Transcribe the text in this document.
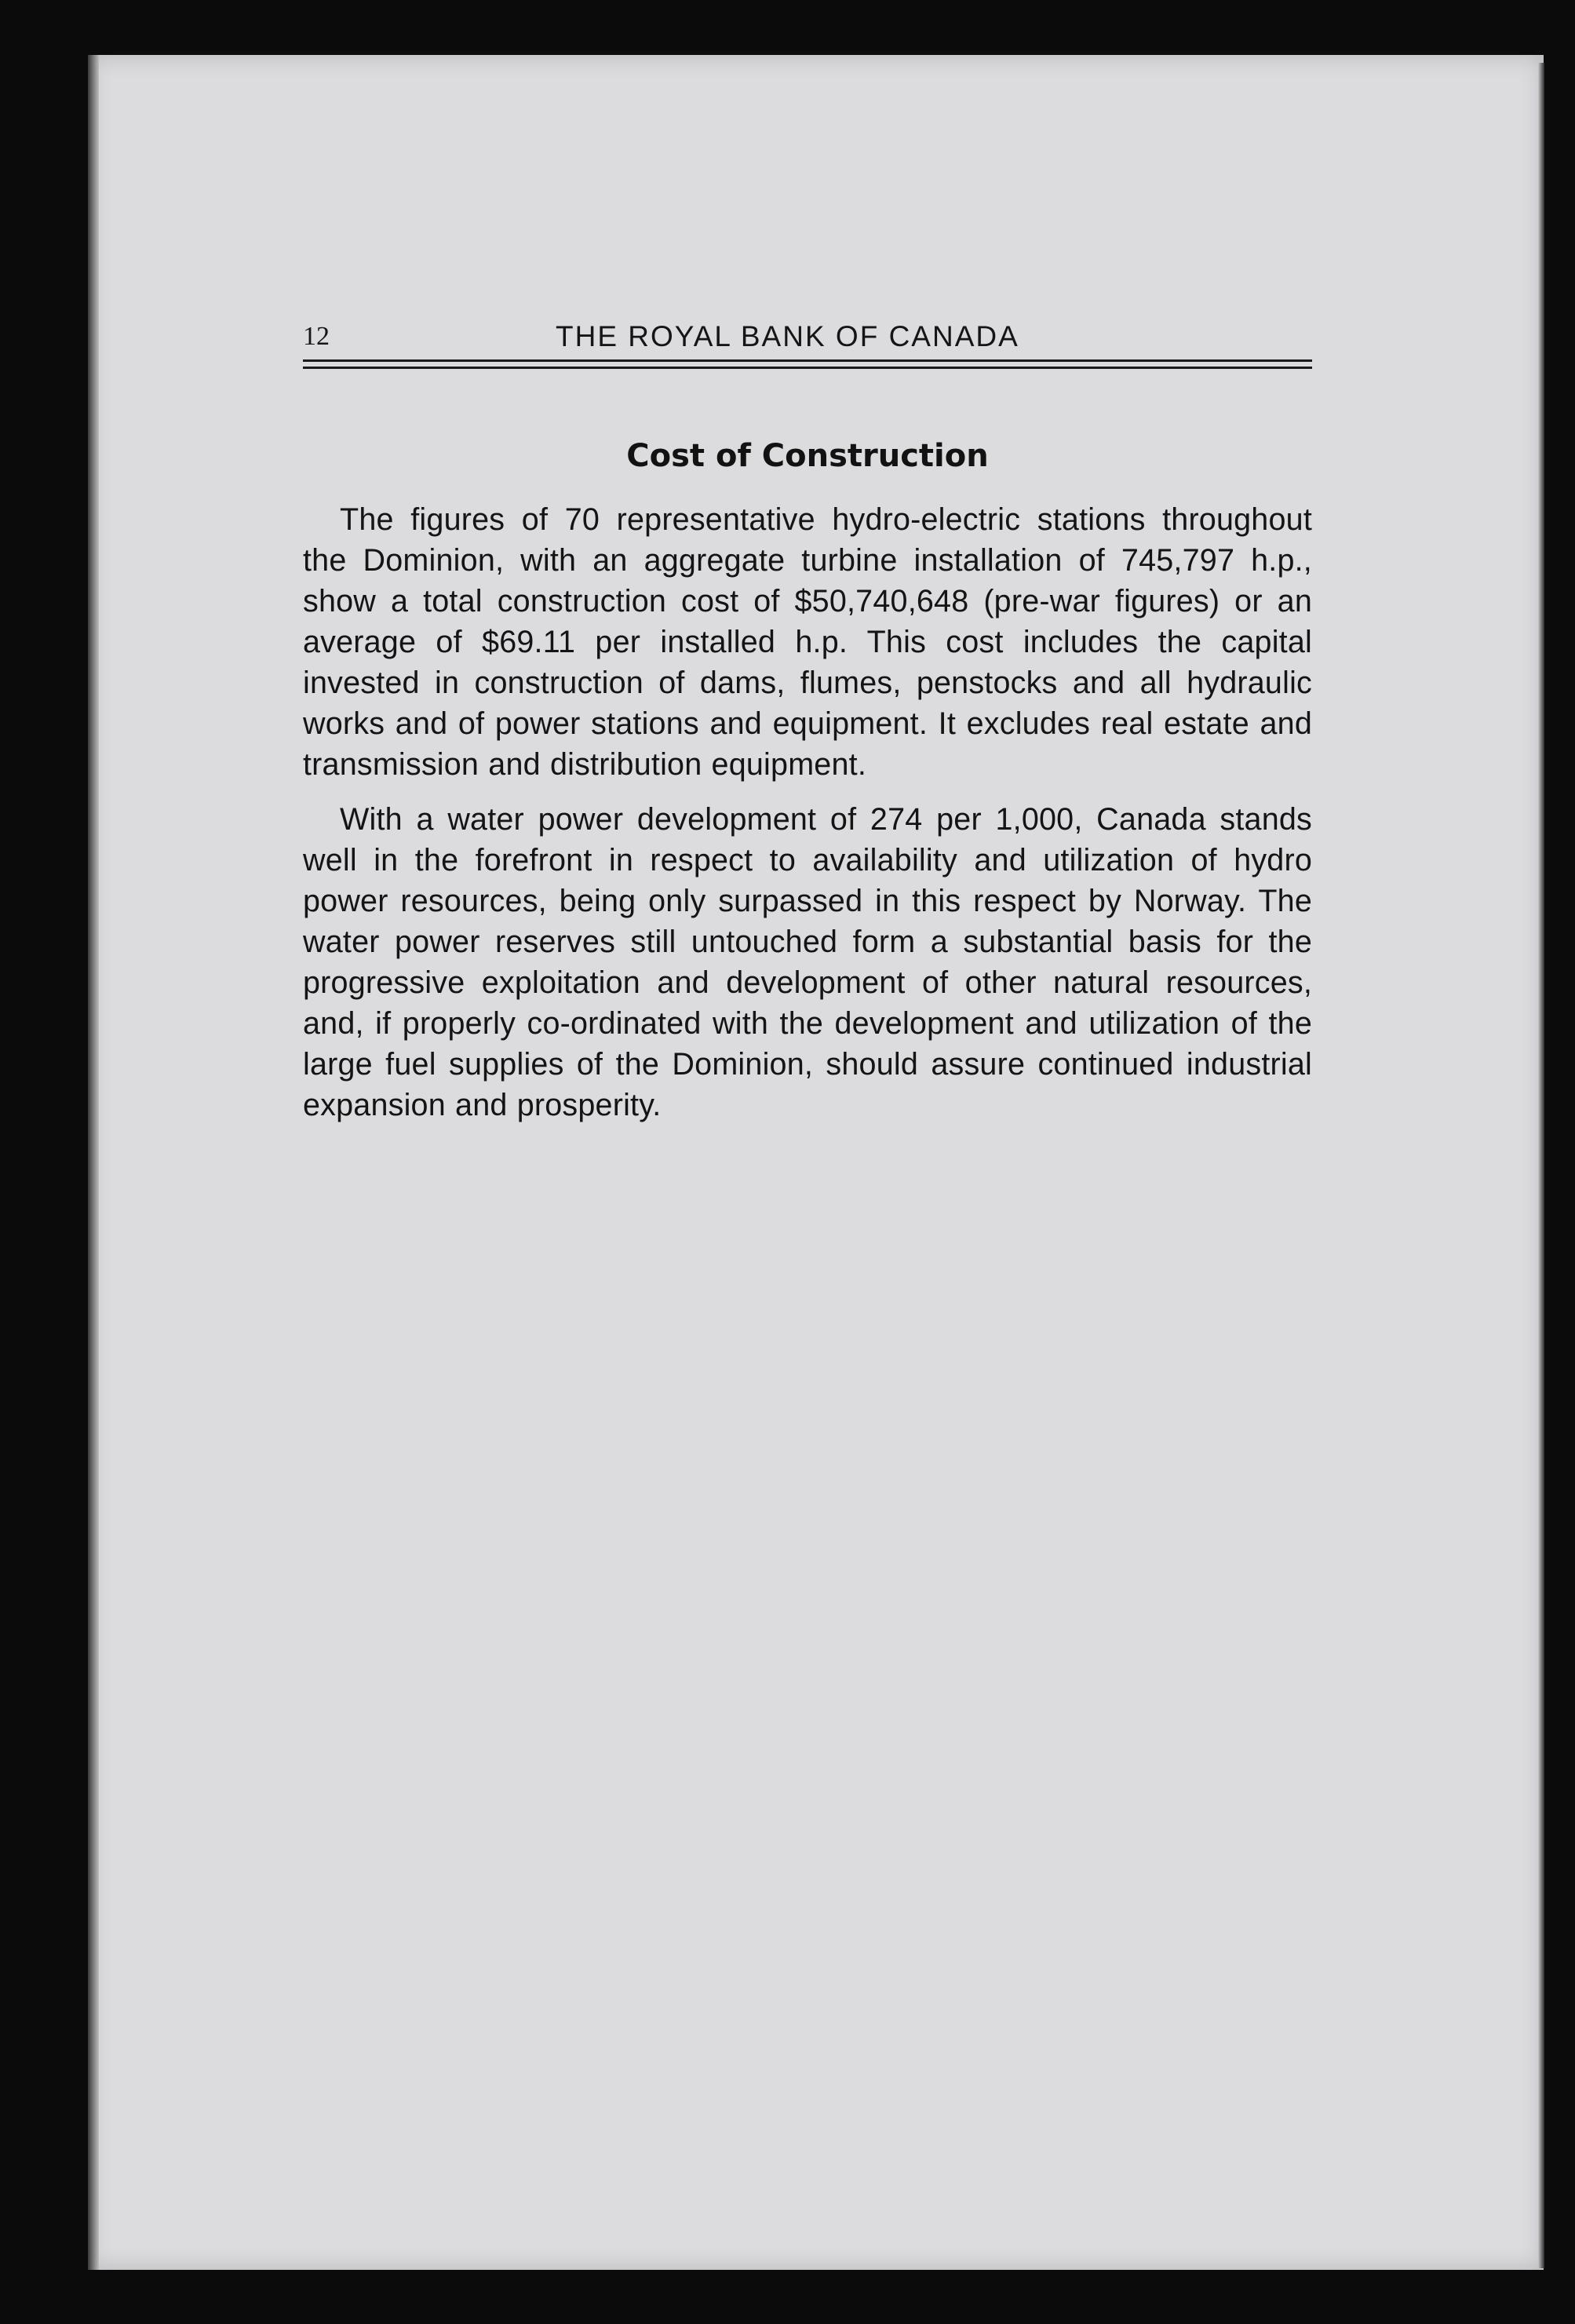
12	THE ROYAL BANK OF CANADA
Cost of Construction

The figures of 70 representative hydro-electric stations throughout the Dominion, with an aggregate turbine installation of 745,797 h.p., show a total construction cost of $50,740,648 (pre-war figures) or an average of $69.11 per installed h.p. This cost includes the capital invested in construction of dams, flumes, penstocks and all hydraulic works and of power stations and equipment. It excludes real estate and transmission and distribution equipment.

With a water power development of 274 per 1,000, Canada stands well in the forefront in respect to availability and utilization of hydro power resources, being only surpassed in this respect by Norway. The water power reserves still untouched form a substantial basis for the progressive exploitation and development of other natural resources, and, if properly co-ordinated with the development and utilization of the large fuel supplies of the Dominion, should assure continued industrial expansion and prosperity.
